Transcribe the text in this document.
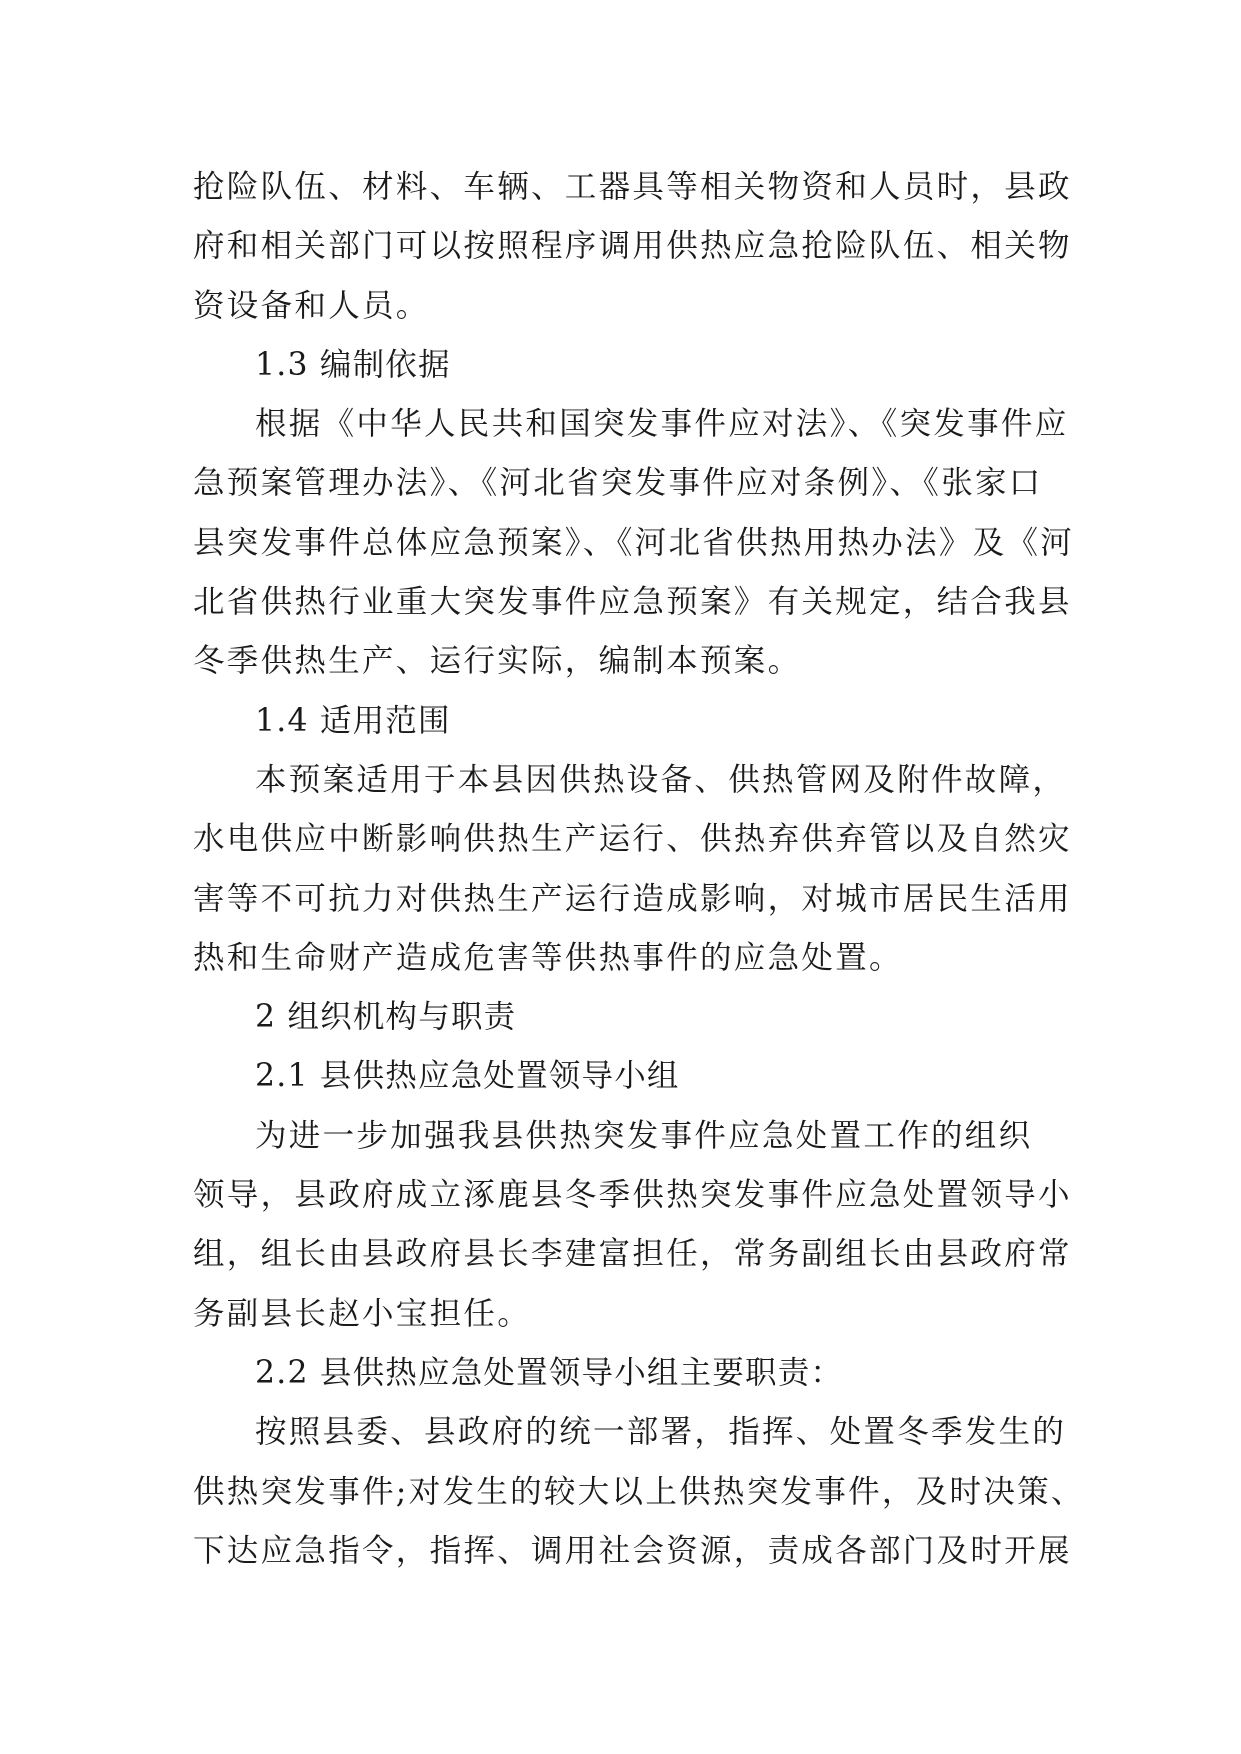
抢险队伍、材料、车辆、工器具等相关物资和人员时，县政
府和相关部门可以按照程序调用供热应急抢险队伍、相关物
资设备和人员。
1.3 编制依据
根据《中华人民共和国突发事件应对法》、《突发事件应
急预案管理办法》、《河北省突发事件应对条例》、《张家口
县突发事件总体应急预案》、《河北省供热用热办法》及《河
北省供热行业重大突发事件应急预案》有关规定，结合我县
冬季供热生产、运行实际，编制本预案。
1.4 适用范围
本预案适用于本县因供热设备、供热管网及附件故障，
水电供应中断影响供热生产运行、供热弃供弃管以及自然灾
害等不可抗力对供热生产运行造成影响，对城市居民生活用
热和生命财产造成危害等供热事件的应急处置。
2 组织机构与职责
2.1 县供热应急处置领导小组
为进一步加强我县供热突发事件应急处置工作的组织
领导，县政府成立涿鹿县冬季供热突发事件应急处置领导小
组，组长由县政府县长李建富担任，常务副组长由县政府常
务副县长赵小宝担任。
2.2 县供热应急处置领导小组主要职责：
按照县委、县政府的统一部署，指挥、处置冬季发生的
供热突发事件;对发生的较大以上供热突发事件，及时决策、
下达应急指令，指挥、调用社会资源，责成各部门及时开展
